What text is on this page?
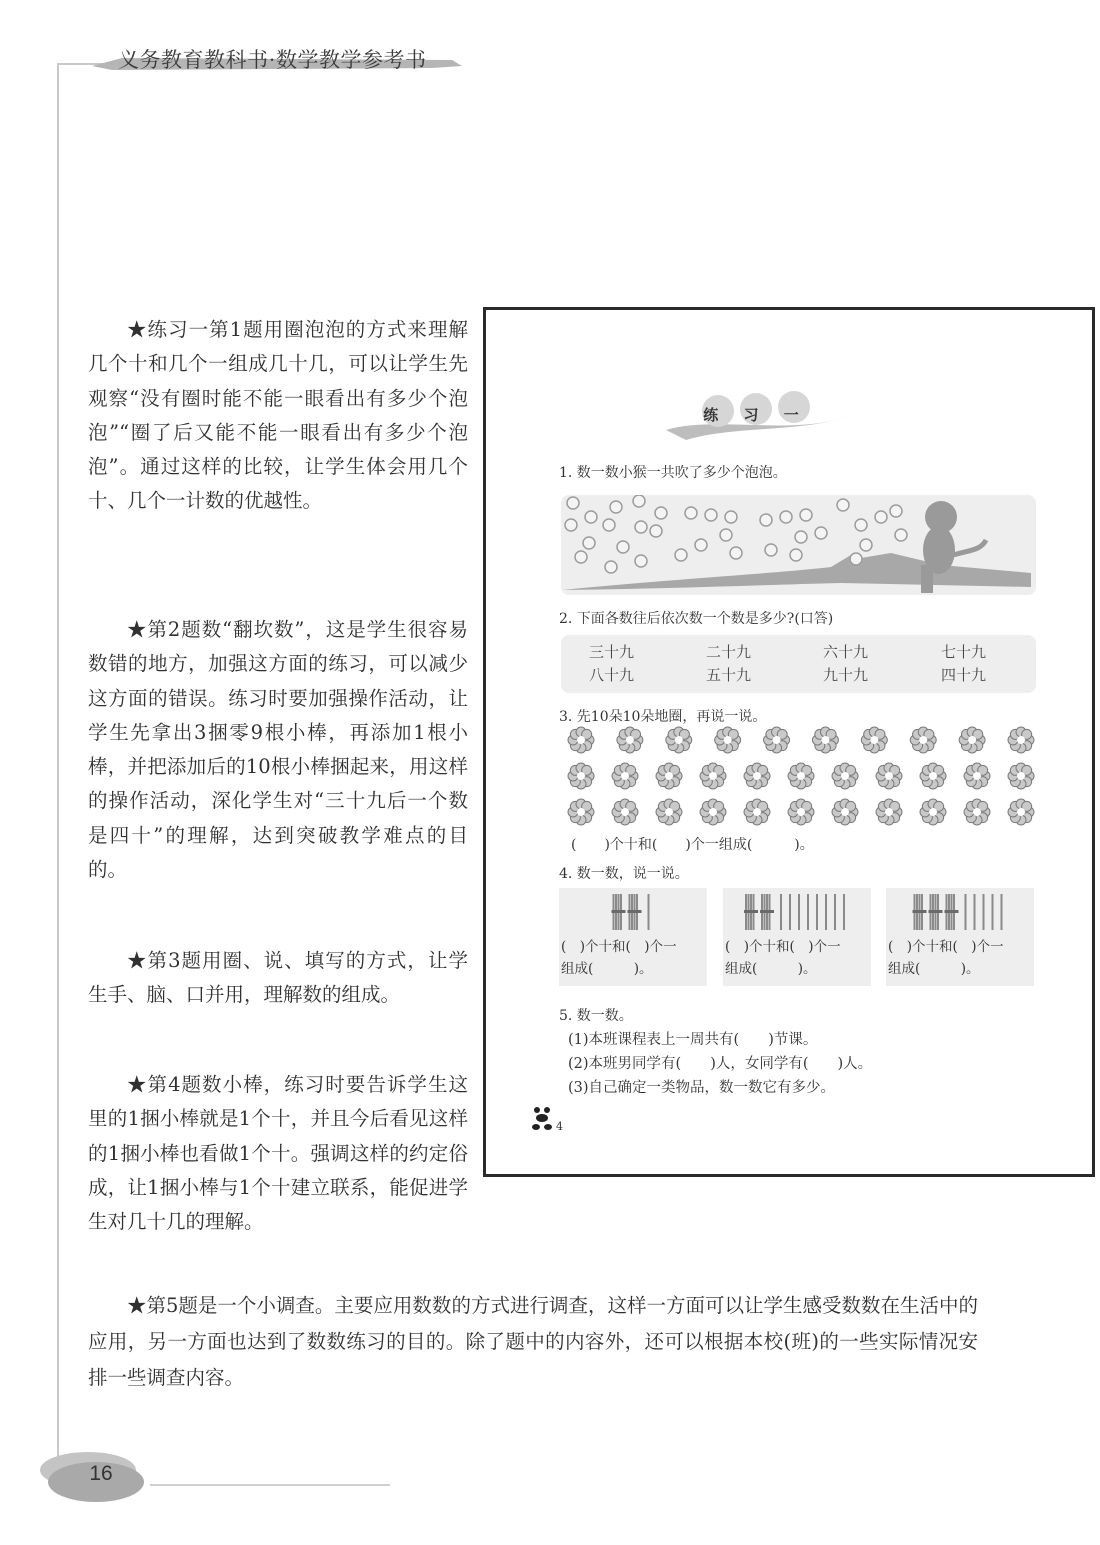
义务教育教科书·数学教学参考书

★练习一第1题用圈泡泡的方式来理解几个十和几个一组成几十几，可以让学生先观察“没有圈时能不能一眼看出有多少个泡泡”“圈了后又能不能一眼看出有多少个泡泡”。通过这样的比较，让学生体会用几个十、几个一计数的优越性。

★第2题数“翻坎数”，这是学生很容易数错的地方，加强这方面的练习，可以减少这方面的错误。练习时要加强操作活动，让学生先拿出3捆零9根小棒，再添加1根小棒，并把添加后的10根小棒捆起来，用这样的操作活动，深化学生对“三十九后一个数是四十”的理解，达到突破教学难点的目的。

★第3题用圈、说、填写的方式，让学生手、脑、口并用，理解数的组成。

★第4题数小棒，练习时要告诉学生这里的1捆小棒就是1个十，并且今后看见这样的1捆小棒也看做1个十。强调这样的约定俗成，让1捆小棒与1个十建立联系，能促进学生对几十几的理解。

★第5题是一个小调查。主要应用数数的方式进行调查，这样一方面可以让学生感受数数在生活中的应用，另一方面也达到了数数练习的目的。除了题中的内容外，还可以根据本校(班)的一些实际情况安排一些调查内容。

练 习 一
1. 数一数小猴一共吹了多少个泡泡。
2. 下面各数往后依次数一个数是多少?(口答)
三十九	二十九	六十九	七十九
八十九	五十九	九十九	四十九
3. 先10朵10朵地圈，再说一说。
(　　)个十和(　　)个一组成(　　　)。
4. 数一数，说一说。
(　)个十和(　)个一
组成(　　　)。
(　)个十和(　)个一
组成(　　　)。
(　)个十和(　)个一
组成(　　　)。
5. 数一数。
(1)本班课程表上一周共有(　　)节课。
(2)本班男同学有(　　)人，女同学有(　　)人。
(3)自己确定一类物品，数一数它有多少。
4
16
